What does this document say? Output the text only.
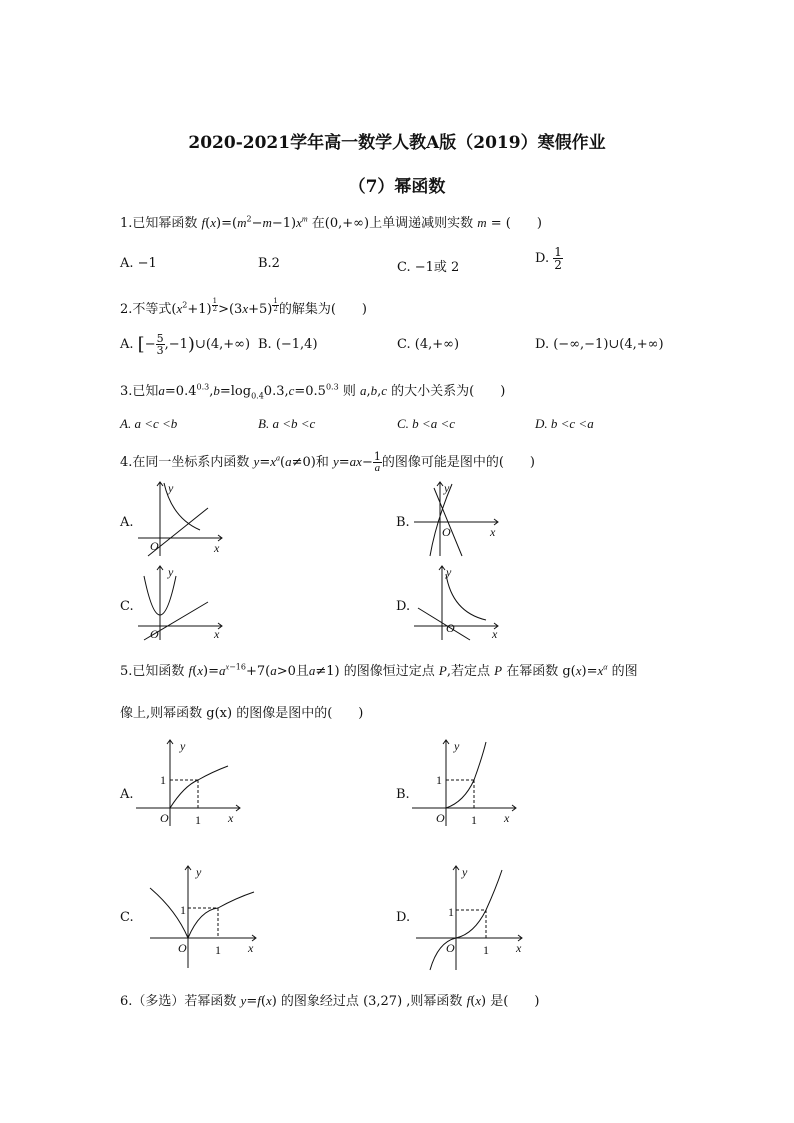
2020-2021学年高一数学人教A版（2019）寒假作业
（7）幂函数
1.已知幂函数 $f(x)=(m^2-m-1)x^m$ 在(0,+∞)上单调递减则实数 m = (　　)
A. −1	B.2	C. −1或 2
D. $\frac{1}{2}$
2.不等式$(x^2+1)$ $^{\frac{1}{2}}$ >(3x+5) $^{\frac{1}{2}}$ 的解集为(　　)
A. [− $\frac{5}{3}$ ,−1)∪(4,+∞) B. (−1,4)	C. (4,+∞)	D. (−∞,−1)∪(4,+∞)
3.已知$a=0.4^{0.3},b=\log_{0.4}0.3,c=0.5^{0.3}$ 则 a,b,c 的大小关系为(　　)
A. a <c <b	B. a <b <c	C. b <a <c	D. b <c <a
4.在同一坐标系内函数 $y=x^a(a\ne 0)$和 $y=ax- \frac{1}{a}$ 的图像可能是图中的(　　)
A.	B.
C.	D.
y
O	x
y
O	x
y
O	x
y
O	x
5.已知函数 $f(x)=a^{x-16}+7(a>0$且a≠1) 的图像恒过定点 P,若定点 P 在幂函数 $g(x)=x^\alpha$ 的图
像上,则幂函数 g(x) 的图像是图中的(　　)
A.	B.
C.	D.
y
1
O 1 x
y
1
O 1 x
y
1
O 1 x
y
1
O 1 x
6.（多选）若幂函数 y=f(x) 的图象经过点 (3,27) ,则幂函数 f(x) 是(　　)
